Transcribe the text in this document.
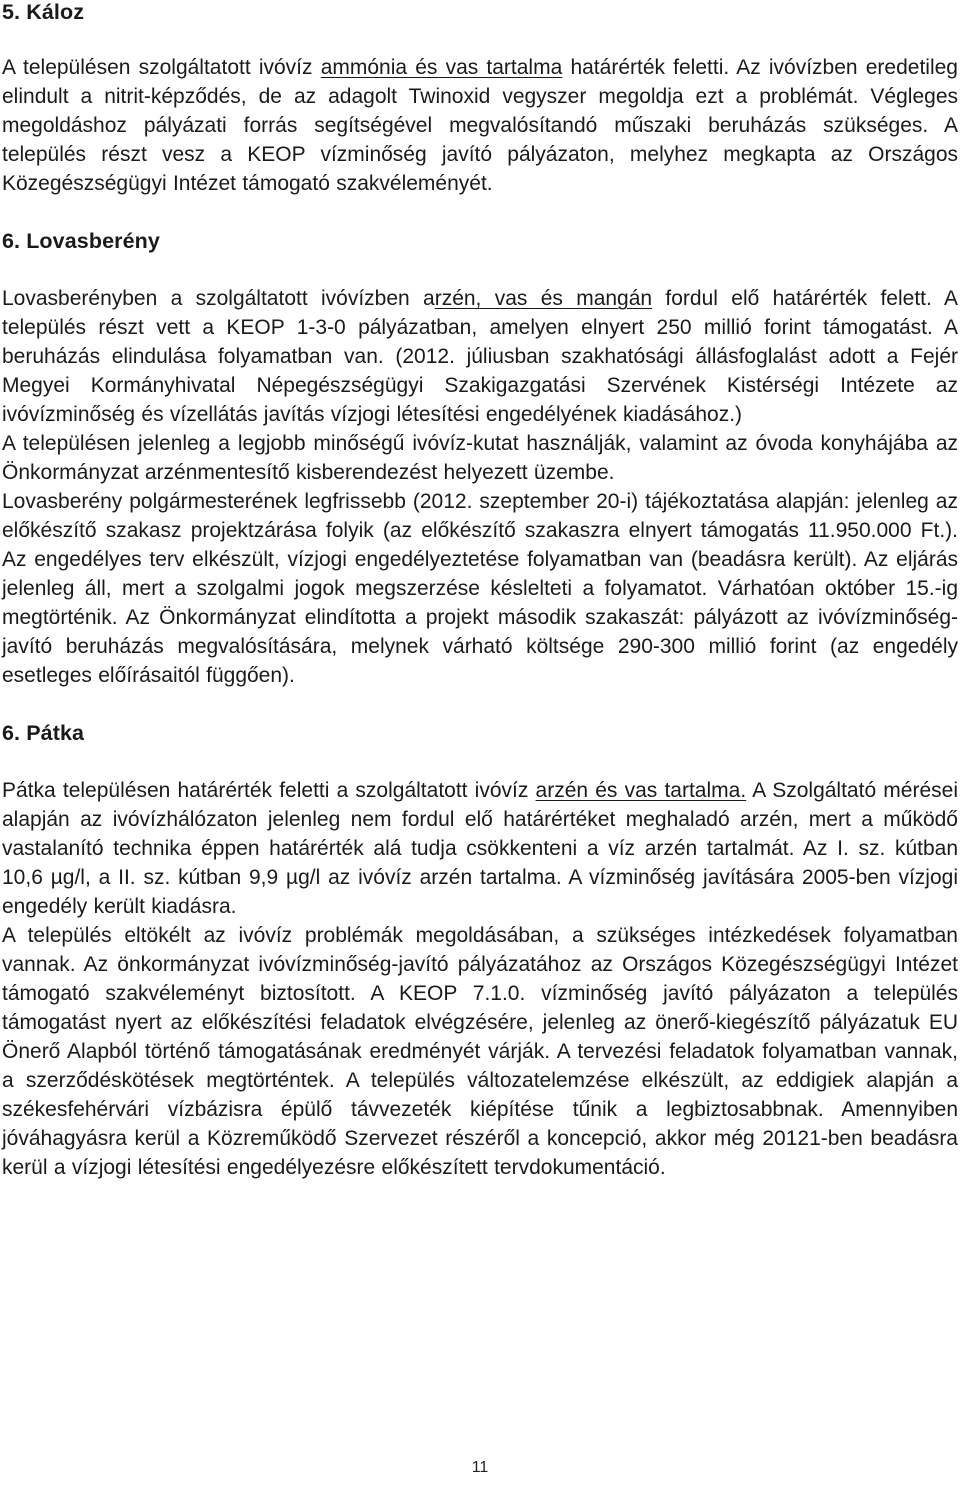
5. Káloz

A településen szolgáltatott ivóvíz ammónia és vas tartalma határérték feletti. Az ivóvízben eredetileg elindult a nitrit-képződés, de az adagolt Twinoxid vegyszer megoldja ezt a problémát. Végleges megoldáshoz pályázati forrás segítségével megvalósítandó műszaki beruházás szükséges. A település részt vesz a KEOP vízminőség javító pályázaton, melyhez megkapta az Országos Közegészségügyi Intézet támogató szakvéleményét.

6. Lovasberény

Lovasberényben a szolgáltatott ivóvízben arzén, vas és mangán fordul elő határérték felett. A település részt vett a KEOP 1-3-0 pályázatban, amelyen elnyert 250 millió forint támogatást. A beruházás elindulása folyamatban van. (2012. júliusban szakhatósági állásfoglalást adott a Fejér Megyei Kormányhivatal Népegészségügyi Szakigazgatási Szervének Kistérségi Intézete az ivóvízminőség és vízellátás javítás vízjogi létesítési engedélyének kiadásához.)

A településen jelenleg a legjobb minőségű ivóvíz-kutat használják, valamint az óvoda konyhájába az Önkormányzat arzénmentesítő kisberendezést helyezett üzembe.

Lovasberény polgármesterének legfrissebb (2012. szeptember 20-i) tájékoztatása alapján: jelenleg az előkészítő szakasz projektzárása folyik (az előkészítő szakaszra elnyert támogatás 11.950.000 Ft.). Az engedélyes terv elkészült, vízjogi engedélyeztetése folyamatban van (beadásra került). Az eljárás jelenleg áll, mert a szolgalmi jogok megszerzése késlelteti a folyamatot. Várhatóan október 15.-ig megtörténik. Az Önkormányzat elindította a projekt második szakaszát: pályázott az ivóvízminőség-javító beruházás megvalósítására, melynek várható költsége 290-300 millió forint (az engedély esetleges előírásaitól függően).

6. Pátka

Pátka településen határérték feletti a szolgáltatott ivóvíz arzén és vas tartalma. A Szolgáltató mérései alapján az ivóvízhálózaton jelenleg nem fordul elő határértéket meghaladó arzén, mert a működő vastalanító technika éppen határérték alá tudja csökkenteni a víz arzén tartalmát. Az I. sz. kútban 10,6 µg/l, a II. sz. kútban 9,9 µg/l az ivóvíz arzén tartalma. A vízminőség javítására 2005-ben vízjogi engedély került kiadásra.

A település eltökélt az ivóvíz problémák megoldásában, a szükséges intézkedések folyamatban vannak. Az önkormányzat ivóvízminőség-javító pályázatához az Országos Közegészségügyi Intézet támogató szakvéleményt biztosított. A KEOP 7.1.0. vízminőség javító pályázaton a település támogatást nyert az előkészítési feladatok elvégzésére, jelenleg az önerő-kiegészítő pályázatuk EU Önerő Alapból történő támogatásának eredményét várják. A tervezési feladatok folyamatban vannak, a szerződéskötések megtörténtek. A település változatelemzése elkészült, az eddigiek alapján a székesfehérvári vízbázisra épülő távvezeték kiépítése tűnik a legbiztosabbnak. Amennyiben jóváhagyásra kerül a Közreműködő Szervezet részéről a koncepció, akkor még 20121-ben beadásra kerül a vízjogi létesítési engedélyezésre előkészített tervdokumentáció.

11
